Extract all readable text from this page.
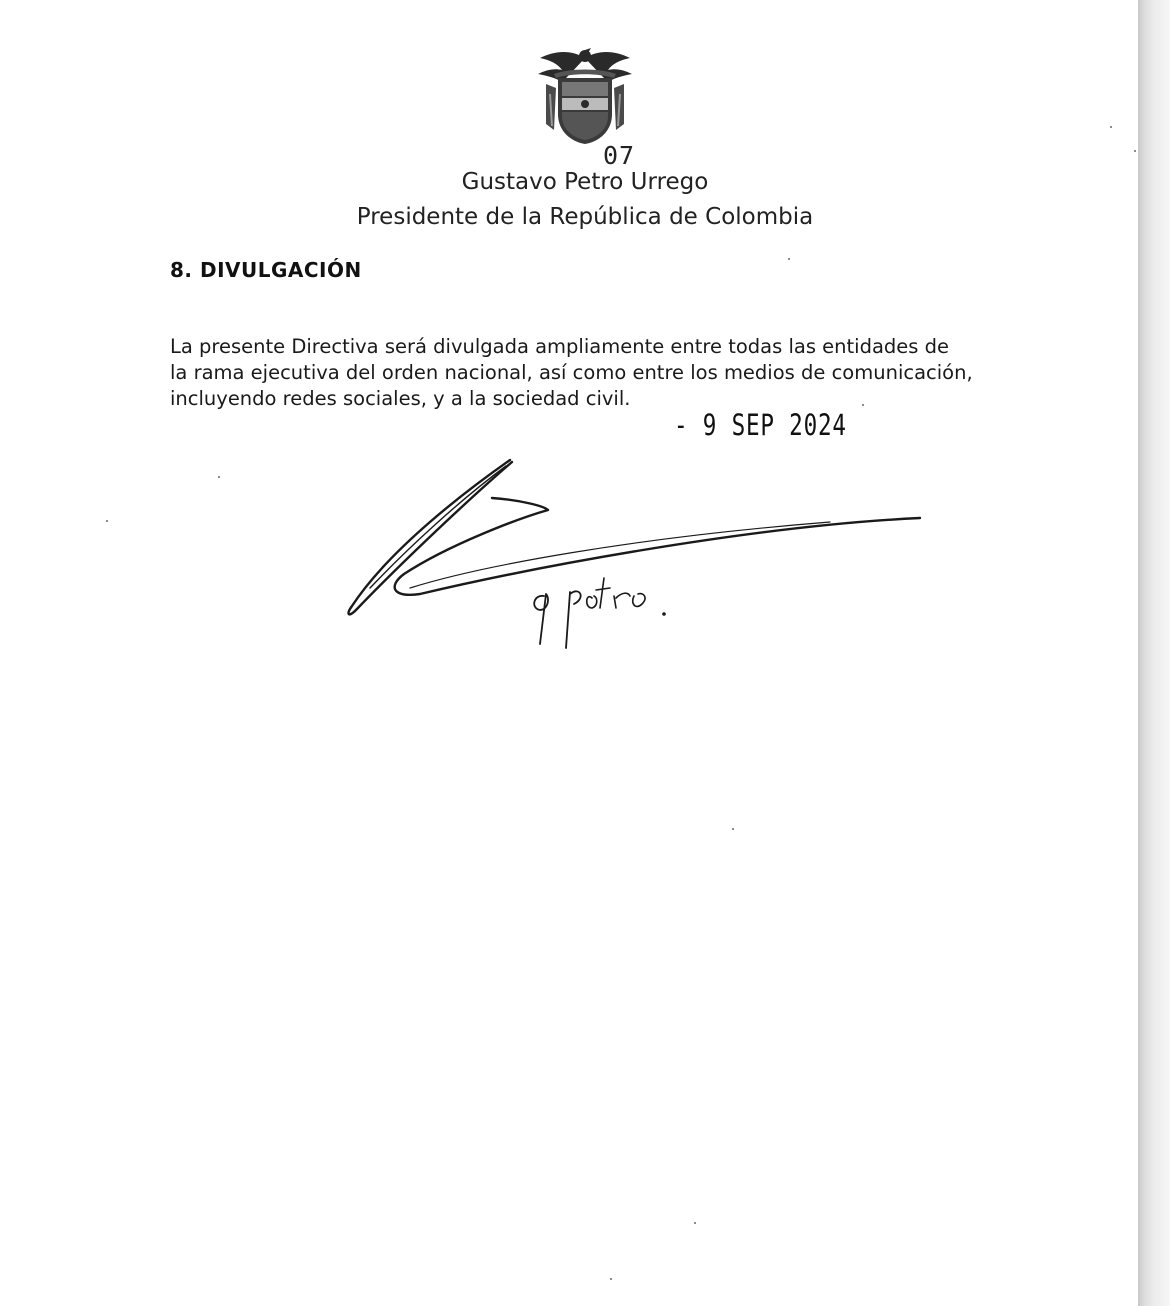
07
Gustavo Petro Urrego
Presidente de la República de Colombia
8. DIVULGACIÓN
La presente Directiva será divulgada ampliamente entre todas las entidades de
la rama ejecutiva del orden nacional, así como entre los medios de comunicación,
incluyendo redes sociales, y a la sociedad civil.
- 9 SEP 2024
